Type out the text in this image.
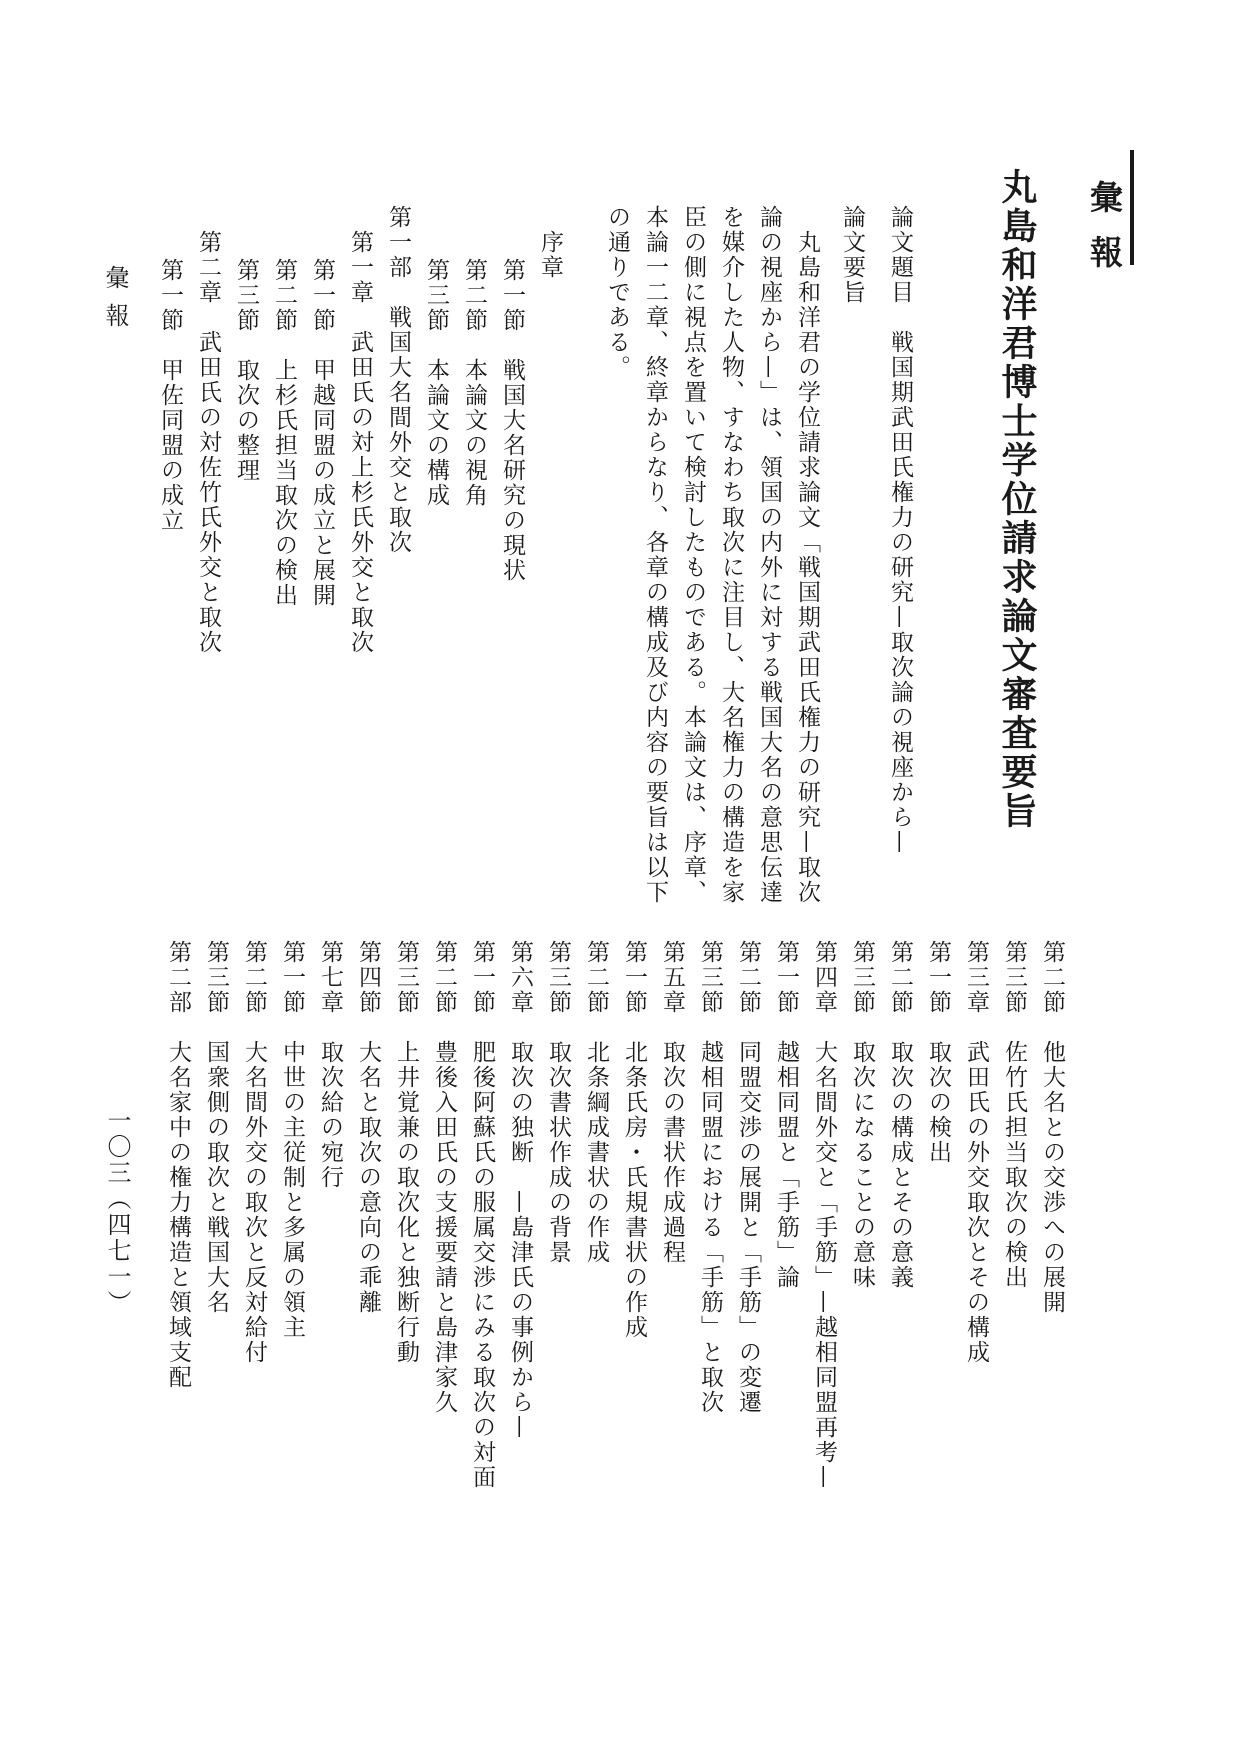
彙報
丸島和洋君博士学位請求論文審査要旨
論文題目　戦国期武田氏権力の研究—取次論の視座から—
論文要旨
　丸島和洋君の学位請求論文「戦国期武田氏権力の研究—取次
論の視座から—」は、領国の内外に対する戦国大名の意思伝達
を媒介した人物、すなわち取次に注目し、大名権力の構造を家
臣の側に視点を置いて検討したものである。本論文は、序章、
本論一二章、終章からなり、各章の構成及び内容の要旨は以下
の通りである。
序章
第一節　戦国大名研究の現状
第二節　本論文の視角
第三節　本論文の構成
第一部　戦国大名間外交と取次
第一章　武田氏の対上杉氏外交と取次
第一節　甲越同盟の成立と展開
第二節　上杉氏担当取次の検出
第三節　取次の整理
第二章　武田氏の対佐竹氏外交と取次
第一節　甲佐同盟の成立
第二節　他大名との交渉への展開
第三節　佐竹氏担当取次の検出
第三章　武田氏の外交取次とその構成
第一節　取次の検出
第二節　取次の構成とその意義
第三節　取次になることの意味
第四章　大名間外交と「手筋」—越相同盟再考—
第一節　越相同盟と「手筋」論
第二節　同盟交渉の展開と「手筋」の変遷
第三節　越相同盟における「手筋」と取次
第五章　取次の書状作成過程
第一節　北条氏房・氏規書状の作成
第二節　北条綱成書状の作成
第三節　取次書状作成の背景
第六章　取次の独断　—島津氏の事例から—
第一節　肥後阿蘇氏の服属交渉にみる取次の対面
第二節　豊後入田氏の支援要請と島津家久
第三節　上井覚兼の取次化と独断行動
第四節　大名と取次の意向の乖離
第七章　取次給の宛行
第一節　中世の主従制と多属の領主
第二節　大名間外交の取次と反対給付
第三節　国衆側の取次と戦国大名
第二部　大名家中の権力構造と領域支配
彙報
一〇三（四七一）
